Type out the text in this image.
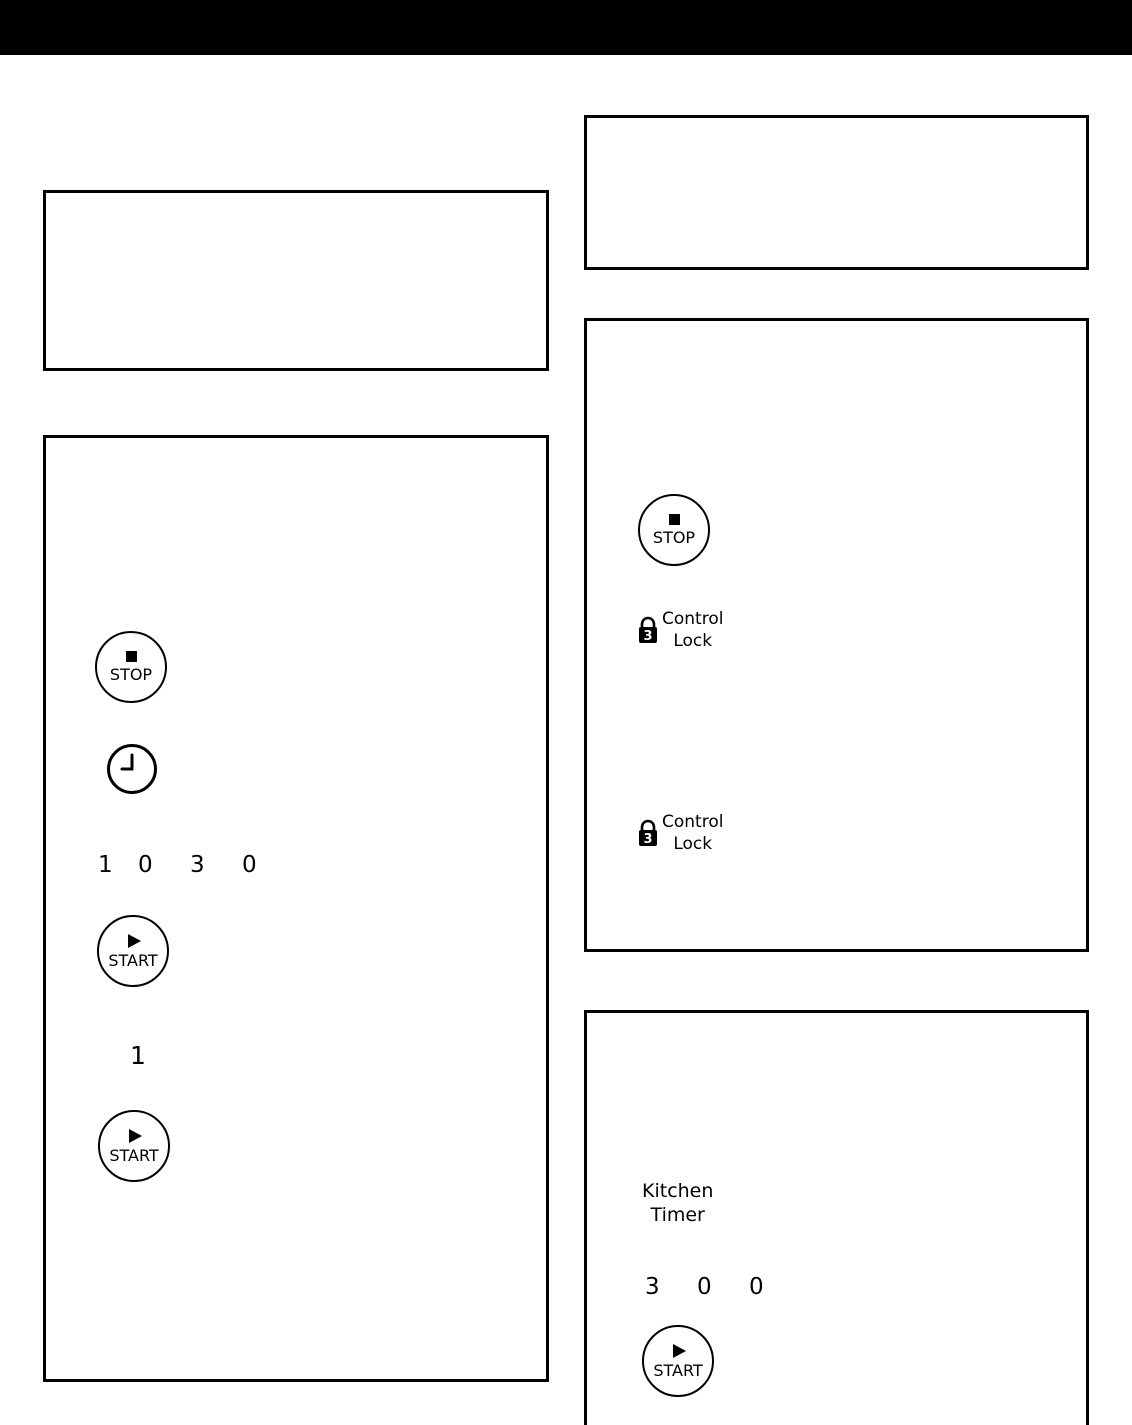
STOP
1	0	3	0
START
1
START
STOP
3
Control
Lock
3
Control
Lock
Kitchen
Timer
3	0	0
START
